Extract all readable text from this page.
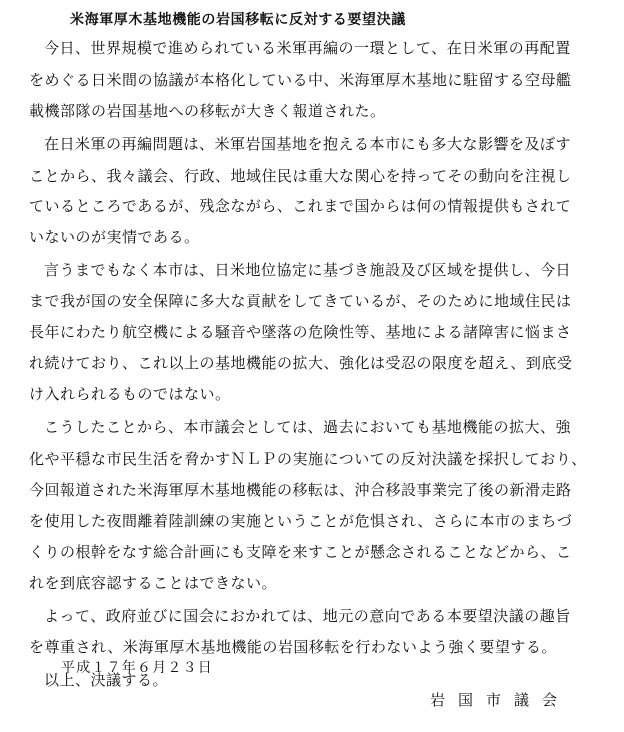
米海軍厚木基地機能の岩国移転に反対する要望決議
今日、世界規模で進められている米軍再編の一環として、在日米軍の再配置
をめぐる日米間の協議が本格化している中、米海軍厚木基地に駐留する空母艦
載機部隊の岩国基地への移転が大きく報道された。
在日米軍の再編問題は、米軍岩国基地を抱える本市にも多大な影響を及ぼす
ことから、我々議会、行政、地域住民は重大な関心を持ってその動向を注視し
ているところであるが、残念ながら、これまで国からは何の情報提供もされて
いないのが実情である。
言うまでもなく本市は、日米地位協定に基づき施設及び区域を提供し、今日
まで我が国の安全保障に多大な貢献をしてきているが、そのために地域住民は
長年にわたり航空機による騒音や墜落の危険性等、基地による諸障害に悩まさ
れ続けており、これ以上の基地機能の拡大、強化は受忍の限度を超え、到底受
け入れられるものではない。
こうしたことから、本市議会としては、過去においても基地機能の拡大、強
化や平穏な市民生活を脅かすＮＬＰの実施についての反対決議を採択しており、
今回報道された米海軍厚木基地機能の移転は、沖合移設事業完了後の新滑走路
を使用した夜間離着陸訓練の実施ということが危惧され、さらに本市のまちづ
くりの根幹をなす総合計画にも支障を来すことが懸念されることなどから、こ
れを到底容認することはできない。
よって、政府並びに国会におかれては、地元の意向である本要望決議の趣旨
を尊重され、米海軍厚木基地機能の岩国移転を行わないよう強く要望する。
以上、決議する。
平成１７年６月２３日
岩国市議会
